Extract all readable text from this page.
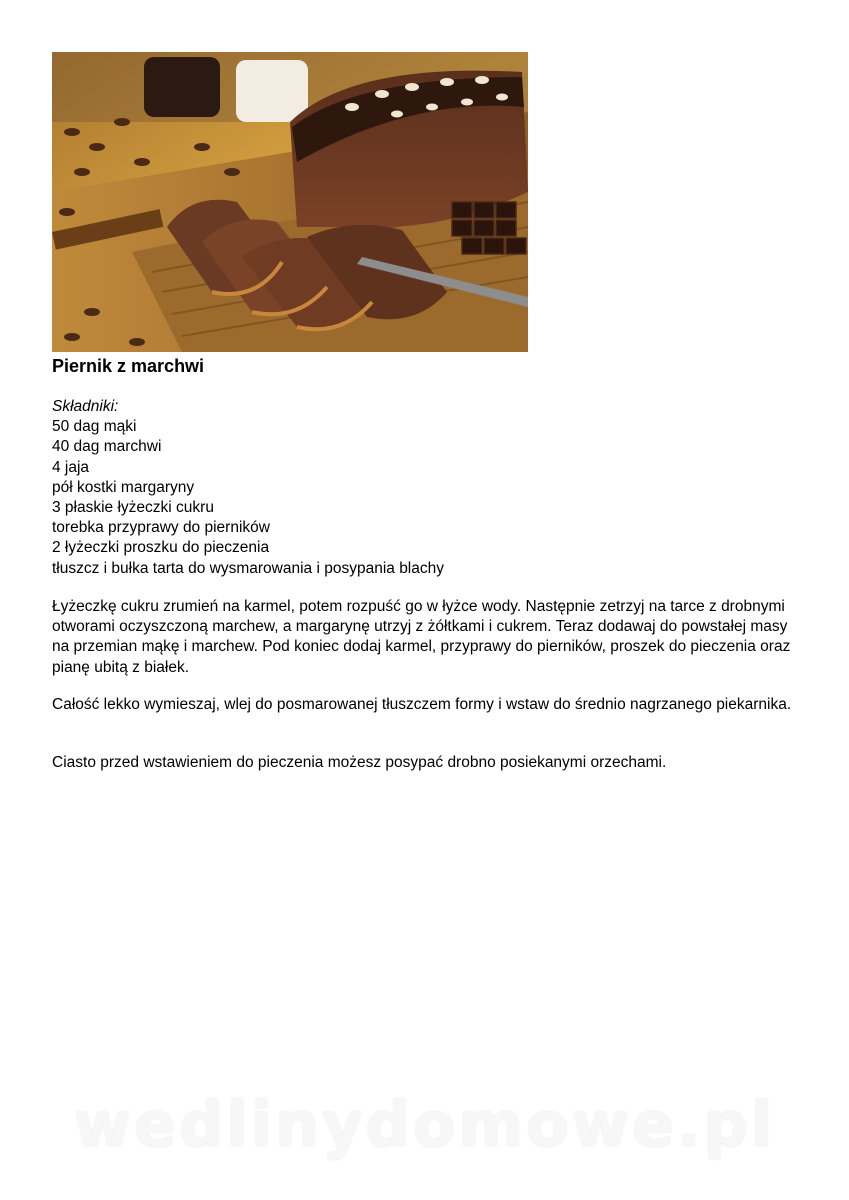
Piernik z marchwi
Składniki:
50 dag mąki
40 dag marchwi
4 jaja
pół kostki margaryny
3 płaskie łyżeczki cukru
torebka przyprawy do pierników
2 łyżeczki proszku do pieczenia
tłuszcz i bułka tarta do wysmarowania i posypania blachy

Łyżeczkę cukru zrumień na karmel, potem rozpuść go w łyżce wody. Następnie zetrzyj na tarce z drobnymi otworami oczyszczoną marchew, a margarynę utrzyj z żółtkami i cukrem. Teraz dodawaj do powstałej masy na przemian mąkę i marchew. Pod koniec dodaj karmel, przyprawy do pierników, proszek do pieczenia oraz pianę ubitą z białek.

Całość lekko wymieszaj, wlej do posmarowanej tłuszczem formy i wstaw do średnio nagrzanego piekarnika.

Ciasto przed wstawieniem do pieczenia możesz posypać drobno posiekanymi orzechami.

wedlinydomowe.pl
